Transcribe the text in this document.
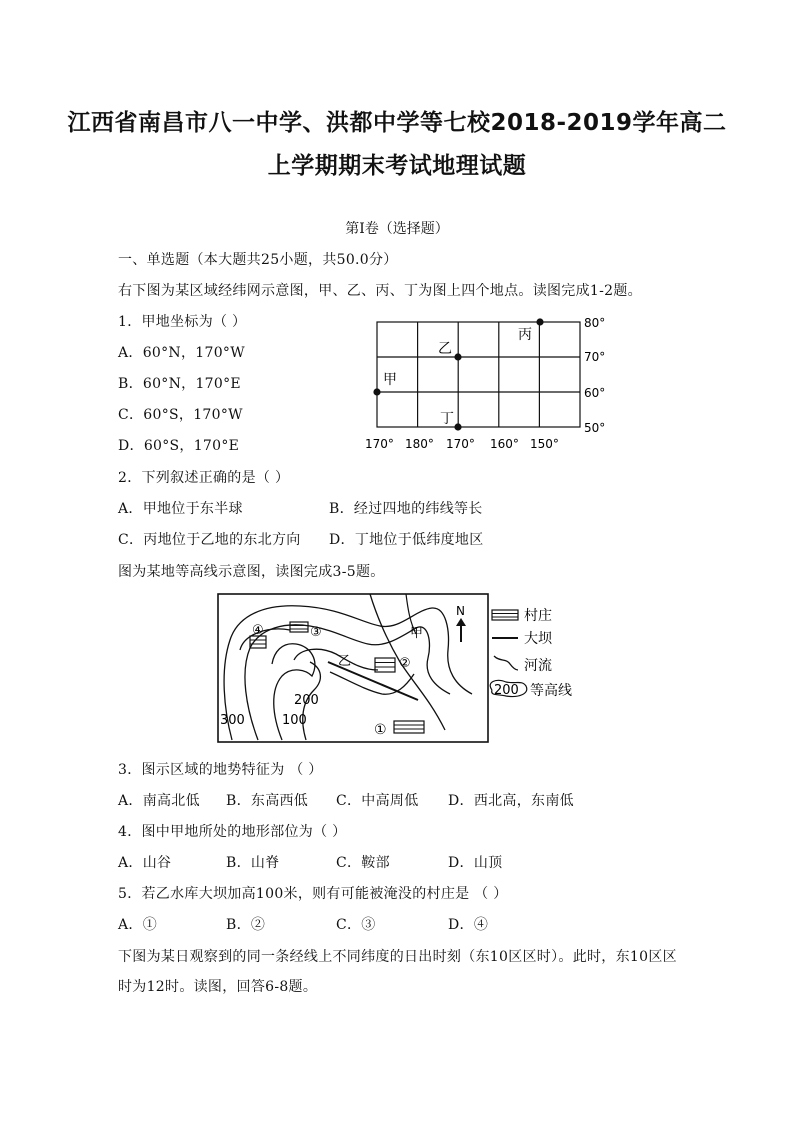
江西省南昌市八一中学、洪都中学等七校2018-2019学年高二
上学期期末考试地理试题
第Ⅰ卷（选择题）
一、单选题（本大题共25小题，共50.0分）
右下图为某区域经纬网示意图，甲、乙、丙、丁为图上四个地点。读图完成1-2题。
1．甲地坐标为（ ）
A．60°N，170°W
B．60°N，170°E
C．60°S，170°W
D．60°S，170°E
丙
乙
甲
丁
80°
70°
60°
50°
170° 180° 170° 160° 150°
2．下列叙述正确的是（ ）
A．甲地位于东半球	B．经过四地的纬线等长
C．丙地位于乙地的东北方向 D．丁地位于低纬度地区
图为某地等高线示意图，读图完成3-5题。
④	③
②
①
甲
乙
200
300	100
N	村庄
大坝
河流
200 等高线
3．图示区域的地势特征为 （ ）
A．南高北低 B．东高西低 C．中高周低 D．西北高，东南低
4．图中甲地所处的地形部位为（ ）
A．山谷	B．山脊	C．鞍部	D．山顶
5．若乙水库大坝加高100米，则有可能被淹没的村庄是 （ ）
A．①	B．②	C．③	D．④
下图为某日观察到的同一条经线上不同纬度的日出时刻（东10区区时）。此时，东10区区
时为12时。读图，回答6-8题。
